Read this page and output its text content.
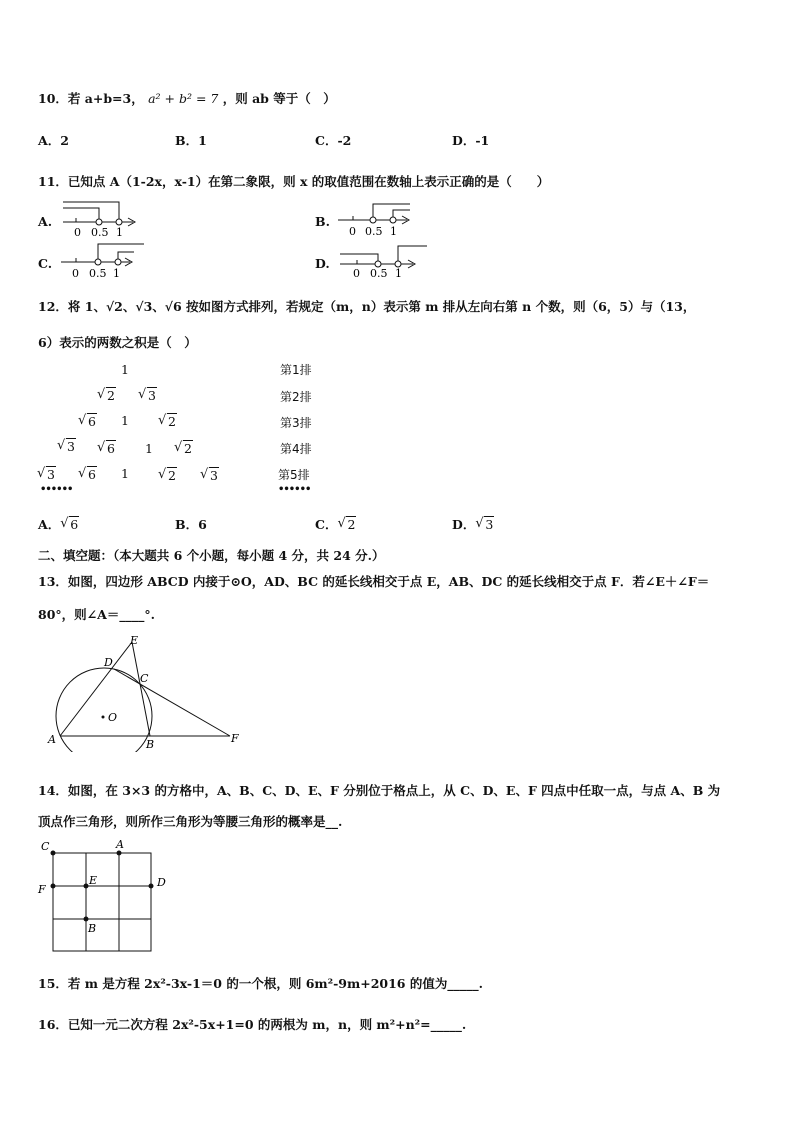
10．若 a+b=3， a² + b² = 7 ，则 ab 等于（　）
A．2	B．1	C．-2	D．-1
11．已知点 A（1-2x，x-1）在第二象限，则 x 的取值范围在数轴上表示正确的是（　　）
A.
0 0.5 1
B.
0 0.5 1
C.
0 0.5 1
D.
0 0.5 1
12．将 1、√2、√3、√6 按如图方式排列，若规定（m，n）表示第 m 排从左向右第 n 个数，则（6，5）与（13，
6）表示的两数之积是（　）
1
√ 2	√ 3
√ 6 1	√ 2
√ 3	√ 6 1	√ 2
√ 3	√ 6 1	√ 2	√ 3
••••••
第1排
第2排
第3排
第4排
第5排
••••••
A． √ 6	B．6	C． √ 2	D． √ 3
二、填空题：（本大题共 6 个小题，每小题 4 分，共 24 分.）
13．如图，四边形 ABCD 内接于⊙O，AD、BC 的延长线相交于点 E，AB、DC 的延长线相交于点 F．若∠E＋∠F＝
80°，则∠A＝____°.
O
A	B
C
D
E
F
14．如图，在 3×3 的方格中，A、B、C、D、E、F 分别位于格点上，从 C、D、E、F 四点中任取一点，与点 A、B 为
顶点作三角形，则所作三角形为等腰三角形的概率是__.
C	A
F
E	D
B
15．若 m 是方程 2x²-3x-1＝0 的一个根，则 6m²-9m+2016 的值为_____.
16．已知一元二次方程 2x²-5x+1=0 的两根为 m，n，则 m²+n²=_____.
